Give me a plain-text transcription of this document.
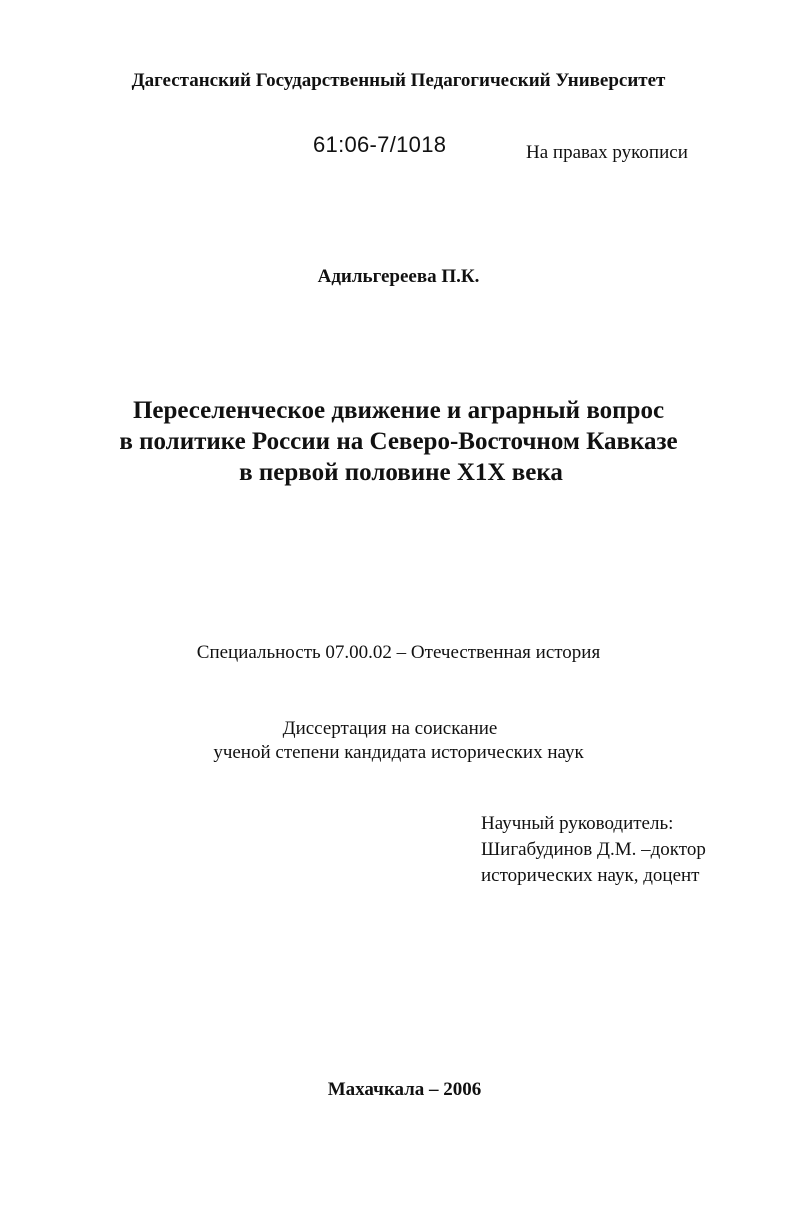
Дагестанский Государственный Педагогический Университет

61:06-7/1018	На правах рукописи

Адильгереева П.К.

Переселенческое движение и аграрный вопрос
в политике России на Северо-Восточном Кавказе
в первой половине Х1Х века

Специальность 07.00.02 – Отечественная история

Диссертация на соискание
ученой степени кандидата исторических наук
Научный руководитель:
Шигабудинов Д.М. –доктор
исторических наук, доцент

Махачкала – 2006
